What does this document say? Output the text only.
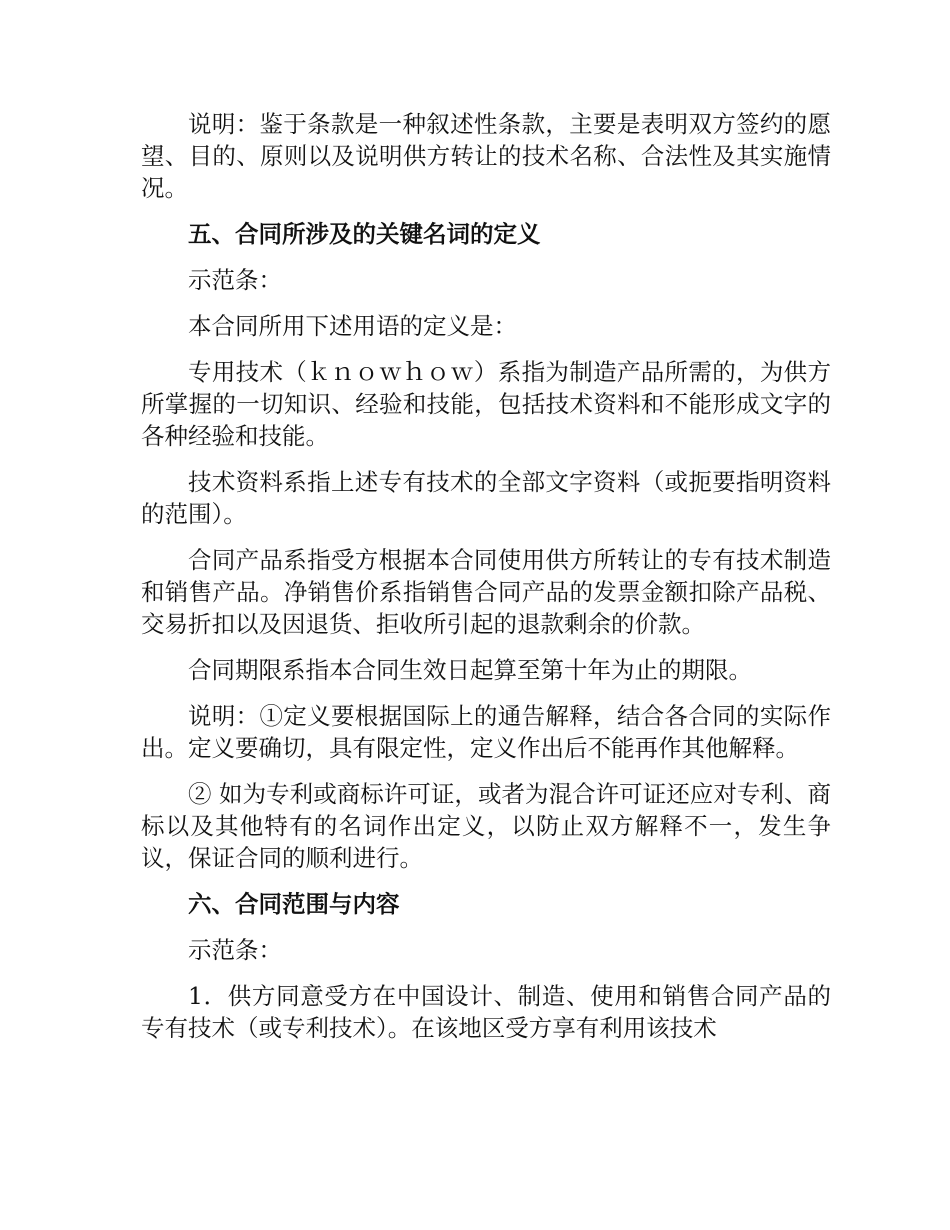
说明：鉴于条款是一种叙述性条款，主要是表明双方签约的愿望、目的、原则以及说明供方转让的技术名称、合法性及其实施情况。

五、合同所涉及的关键名词的定义

示范条：

本合同所用下述用语的定义是：

专用技术（ｋｎｏｗｈｏｗ）系指为制造产品所需的，为供方所掌握的一切知识、经验和技能，包括技术资料和不能形成文字的各种经验和技能。

技术资料系指上述专有技术的全部文字资料（或扼要指明资料的范围）。

合同产品系指受方根据本合同使用供方所转让的专有技术制造和销售产品。净销售价系指销售合同产品的发票金额扣除产品税、交易折扣以及因退货、拒收所引起的退款剩余的价款。

合同期限系指本合同生效日起算至第十年为止的期限。

说明：①定义要根据国际上的通告解释，结合各合同的实际作出。定义要确切，具有限定性，定义作出后不能再作其他解释。

② 如为专利或商标许可证，或者为混合许可证还应对专利、商标以及其他特有的名词作出定义，以防止双方解释不一，发生争议，保证合同的顺利进行。

六、合同范围与内容

示范条：

1．供方同意受方在中国设计、制造、使用和销售合同产品的专有技术（或专利技术）。在该地区受方享有利用该技术
